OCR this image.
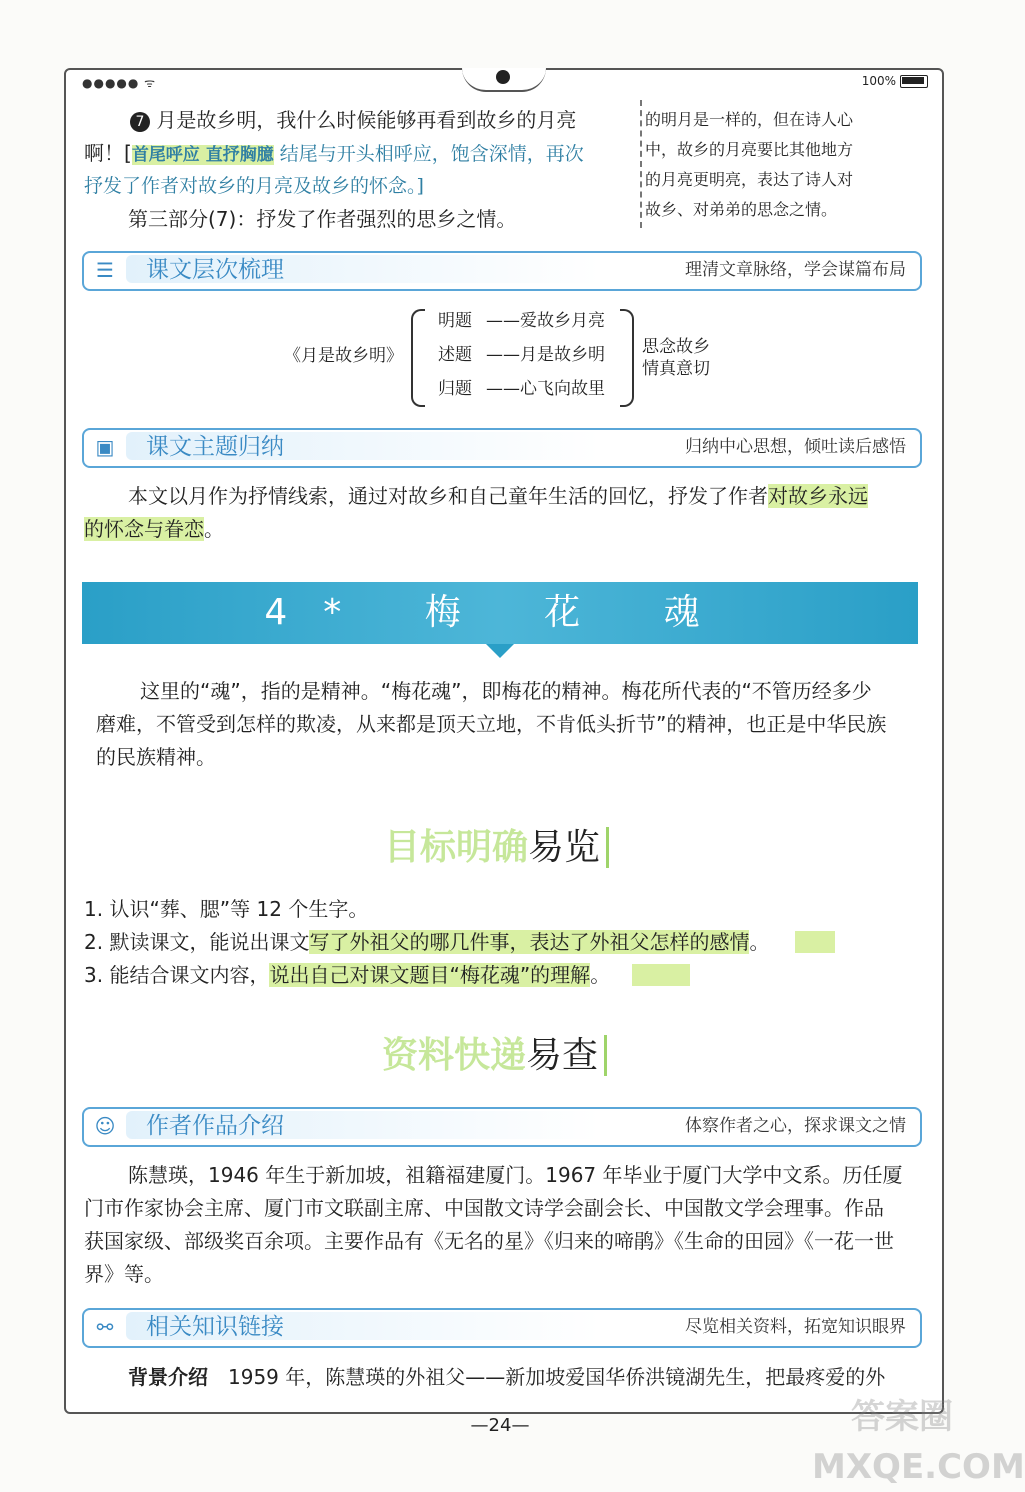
●●●●● ᯤ	100%
7 月是故乡明，我什么时候能够再看到故乡的月亮
啊！[首尾呼应 直抒胸臆 结尾与开头相呼应，饱含深情，再次
抒发了作者对故乡的月亮及故乡的怀念。]
第三部分(7)：抒发了作者强烈的思乡之情。
的明月是一样的，但在诗人心
中，故乡的月亮要比其他地方
的月亮更明亮，表达了诗人对
故乡、对弟弟的思念之情。
☰ 课文层次梳理	理清文章脉络，学会谋篇布局
《月是故乡明》
明题 ——爱故乡月亮
述题 ——月是故乡明
归题 ——心飞向故里
思念故乡
情真意切
▣ 课文主题归纳	归纳中心思想，倾吐读后感悟
本文以月作为抒情线索，通过对故乡和自己童年生活的回忆，抒发了作者对故乡永远
的怀念与眷恋。
4* 梅 花 魂
这里的“魂”，指的是精神。“梅花魂”，即梅花的精神。梅花所代表的“不管历经多少
磨难，不管受到怎样的欺凌，从来都是顶天立地，不肯低头折节”的精神，也正是中华民族
的民族精神。
目标明确易览
1. 认识“葬、腮”等 12 个生字。
2. 默读课文，能说出课文写了外祖父的哪几件事，表达了外祖父怎样的感情。
3. 能结合课文内容，说出自己对课文题目“梅花魂”的理解。
资料快递易查
☺ 作者作品介绍	体察作者之心，探求课文之情
陈慧瑛，1946 年生于新加坡，祖籍福建厦门。1967 年毕业于厦门大学中文系。历任厦
门市作家协会主席、厦门市文联副主席、中国散文诗学会副会长、中国散文学会理事。作品
获国家级、部级奖百余项。主要作品有《无名的星》《归来的啼鹃》《生命的田园》《一花一世
界》等。
⚯ 相关知识链接	尽览相关资料，拓宽知识眼界
背景介绍 1959 年，陈慧瑛的外祖父——新加坡爱国华侨洪镜湖先生，把最疼爱的外
—24—	答案圈 MXQE.COM
